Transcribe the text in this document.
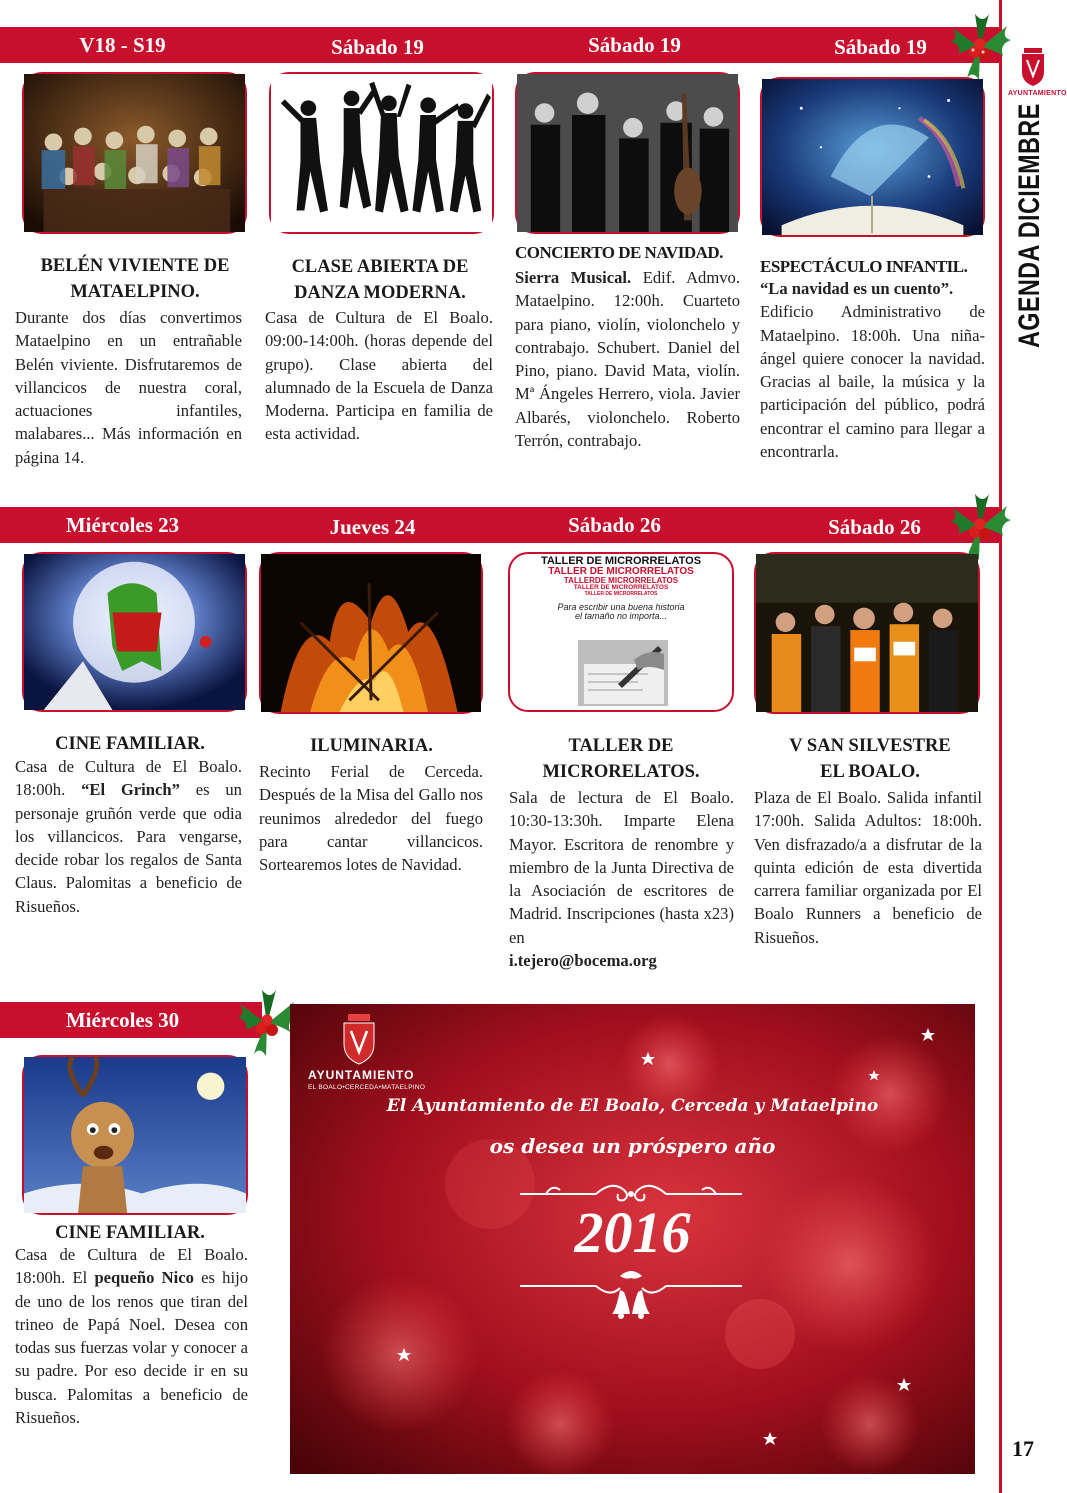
AYUNTAMIENTO
AGENDA DICIEMBRE
17
V18 - S19	Sábado 19	Sábado 19	Sábado 19
BELÉN VIVIENTE DE
MATAELPINO.
Durante dos días convertimos Mataelpino en un entrañable Belén viviente. Disfrutaremos de villancicos de nuestra coral, actuaciones infantiles, malabares... Más información en página 14.
CLASE ABIERTA DE
DANZA MODERNA.
Casa de Cultura de El Boalo. 09:00-14:00h. (horas depende del grupo). Clase abierta del alumnado de la Escuela de Danza Moderna. Participa en familia de esta actividad.
CONCIERTO DE NAVIDAD.
Sierra Musical. Edif. Admvo. Mataelpino. 12:00h. Cuarteto para piano, violín, violonchelo y contrabajo. Schubert. Daniel del Pino, piano. David Mata, violín. Mª Ángeles Herrero, viola. Javier Albarés, violonchelo. Roberto Terrón, contrabajo.
ESPECTÁCULO INFANTIL.
“La navidad es un cuento”.
Edificio Administrativo de Mataelpino. 18:00h. Una niña-ángel quiere conocer la navidad. Gracias al baile, la música y la participación del público, podrá encontrar el camino para llegar a encontrarla.
Miércoles 23	Jueves 24	Sábado 26	Sábado 26
TALLER DE MICRORRELATOS
TALLER DE MICRORRELATOS
TALLERDE MICRORRELATOS
TALLER DE MICRORRELATOS
TALLER DE MICRORRELATOS
Para escribir una buena historia
el tamaño no importa...
CINE FAMILIAR.
Casa de Cultura de El Boalo. 18:00h. “El Grinch” es un personaje gruñón verde que odia los villancicos. Para vengarse, decide robar los regalos de Santa Claus. Palomitas a beneficio de Risueños.
ILUMINARIA.
Recinto Ferial de Cerceda. Después de la Misa del Gallo nos reunimos alrededor del fuego para cantar villancicos. Sortearemos lotes de Navidad.
TALLER DE
MICRORELATOS.
Sala de lectura de El Boalo. 10:30-13:30h. Imparte Elena Mayor. Escritora de renombre y miembro de la Junta Directiva de la Asociación de escritores de Madrid. Inscripciones (hasta x23) en
i.tejero@bocema.org
V SAN SILVESTRE
EL BOALO.
Plaza de El Boalo. Salida infantil 17:00h. Salida Adultos: 18:00h. Ven disfrazado/a a disfrutar de la quinta edición de esta divertida carrera familiar organizada por El Boalo Runners a beneficio de Risueños.
Miércoles 30
CINE FAMILIAR.
Casa de Cultura de El Boalo. 18:00h. El pequeño Nico es hijo de uno de los renos que tiran del trineo de Papá Noel. Desea con todas sus fuerzas volar y conocer a su padre. Por eso decide ir en su busca. Palomitas a beneficio de Risueños.
AYUNTAMIENTO
EL BOALO•CERCEDA•MATAELPINO
El Ayuntamiento de El Boalo, Cerceda y Mataelpino
os desea un próspero año
2016
